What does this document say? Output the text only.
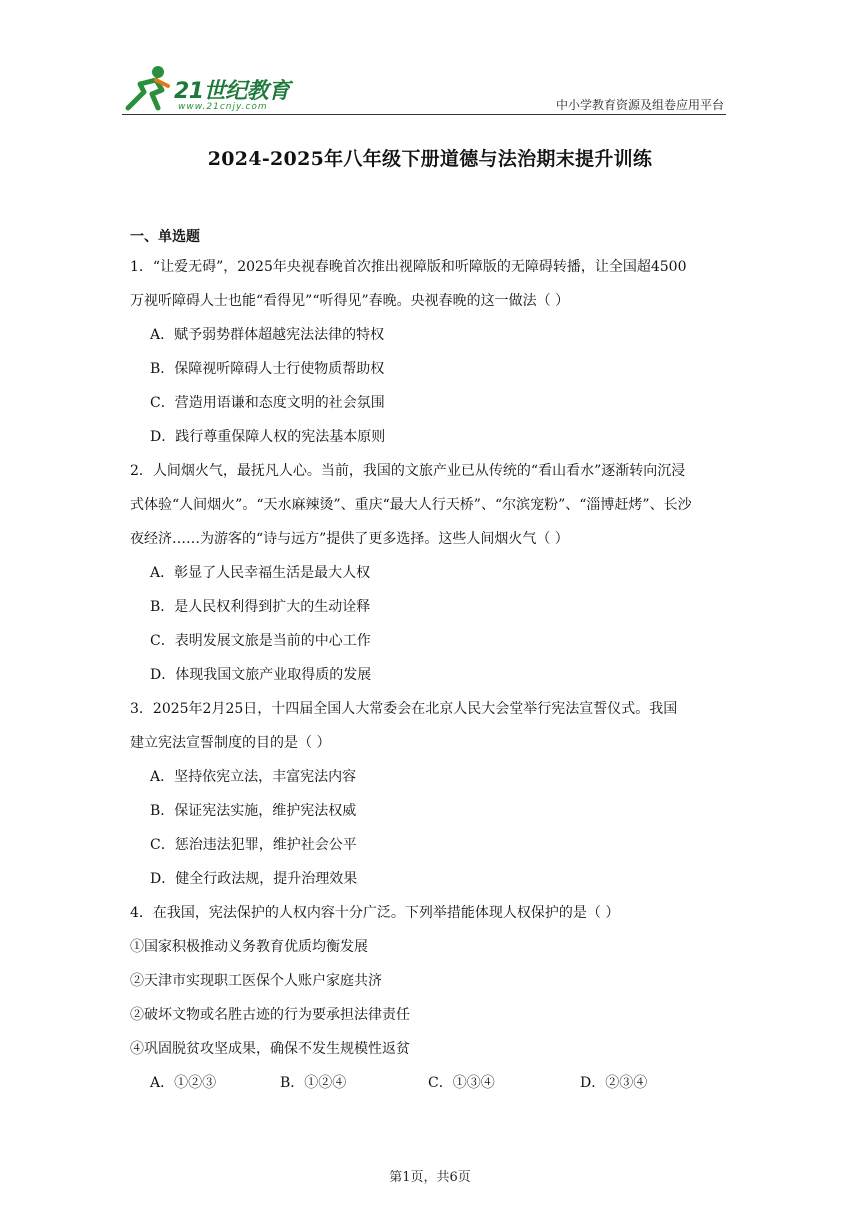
21世纪教育
www.21cnjy.com	中小学教育资源及组卷应用平台
2024-2025年八年级下册道德与法治期末提升训练
一、单选题
1．“让爱无碍”，2025年央视春晚首次推出视障版和听障版的无障碍转播，让全国超4500
万视听障碍人士也能“看得见”“听得见”春晚。央视春晚的这一做法（ ）
A．赋予弱势群体超越宪法法律的特权
B．保障视听障碍人士行使物质帮助权
C．营造用语谦和态度文明的社会氛围
D．践行尊重保障人权的宪法基本原则
2．人间烟火气，最抚凡人心。当前，我国的文旅产业已从传统的“看山看水”逐渐转向沉浸
式体验“人间烟火”。“天水麻辣烫”、重庆“最大人行天桥”、“尔滨宠粉”、“淄博赶烤”、长沙
夜经济……为游客的“诗与远方”提供了更多选择。这些人间烟火气（ ）
A．彰显了人民幸福生活是最大人权
B．是人民权利得到扩大的生动诠释
C．表明发展文旅是当前的中心工作
D．体现我国文旅产业取得质的发展
3．2025年2月25日，十四届全国人大常委会在北京人民大会堂举行宪法宣誓仪式。我国
建立宪法宣誓制度的目的是（ ）
A．坚持依宪立法，丰富宪法内容
B．保证宪法实施，维护宪法权威
C．惩治违法犯罪，维护社会公平
D．健全行政法规，提升治理效果
4．在我国，宪法保护的人权内容十分广泛。下列举措能体现人权保护的是（ ）
①国家积极推动义务教育优质均衡发展
②天津市实现职工医保个人账户家庭共济
②破坏文物或名胜古迹的行为要承担法律责任
④巩固脱贫攻坚成果，确保不发生规模性返贫
A．①②③	B．①②④	C．①③④	D．②③④
第1页，共6页
